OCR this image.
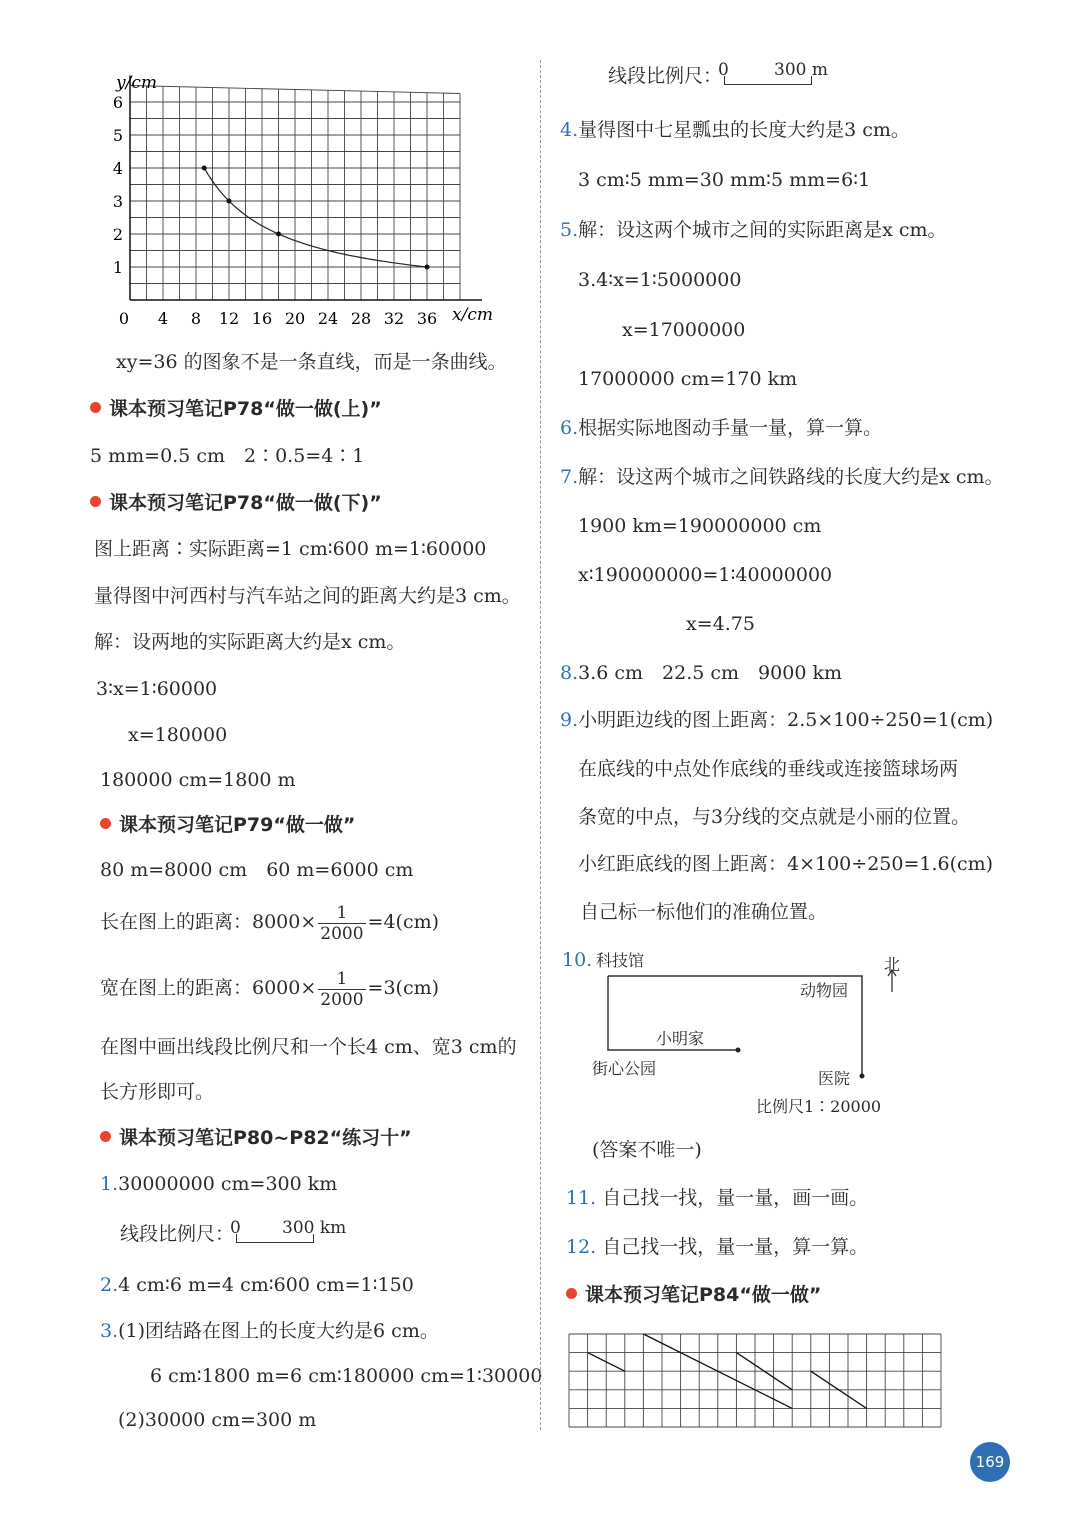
y/cm
x/cm
1
2
3
4
5
6
0 4 8 12 16 20 24 28 32 36
xy=36 的图象不是一条直线，而是一条曲线。
课本预习笔记P78“做一做(上)”
5 mm=0.5 cm　2∶0.5=4∶1
课本预习笔记P78“做一做(下)”
图上距离∶实际距离=1 cm∶600 m=1∶60000
量得图中河西村与汽车站之间的距离大约是3 cm。
解：设两地的实际距离大约是x cm。
3∶x=1∶60000
x=180000
180000 cm=1800 m
课本预习笔记P79“做一做”
80 m=8000 cm　60 m=6000 cm
长在图上的距离：$8000\times \frac{1}{2000} =4(cm)$
宽在图上的距离：$6000\times \frac{1}{2000} =3(cm)$
在图中画出线段比例尺和一个长4 cm、宽3 cm的
长方形即可。
课本预习笔记P80~P82“练习十”
1.30000000 cm=300 km
线段比例尺：
0 300 km
2.4 cm∶6 m=4 cm∶600 cm=1∶150
3.(1)团结路在图上的长度大约是6 cm。
6 cm∶1800 m=6 cm∶180000 cm=1∶30000
(2)30000 cm=300 m
线段比例尺：
0	300 m
4.量得图中七星瓢虫的长度大约是3 cm。
3 cm∶5 mm=30 mm∶5 mm=6∶1
5.解：设这两个城市之间的实际距离是x cm。
3.4∶x=1∶5000000
x=17000000
17000000 cm=170 km
6.根据实际地图动手量一量，算一算。
7.解：设这两个城市之间铁路线的长度大约是x cm。
1900 km=190000000 cm
x∶190000000=1∶40000000
x=4.75
8.3.6 cm　22.5 cm　9000 km
9.小明距边线的图上距离：2.5×100÷250=1(cm)
在底线的中点处作底线的垂线或连接篮球场两
条宽的中点，与3分线的交点就是小丽的位置。
小红距底线的图上距离：4×100÷250=1.6(cm)
自己标一标他们的准确位置。
10. 科技馆	北
动物园
小明家
街心公园
医院
比例尺1∶20000
(答案不唯一)
11. 自己找一找，量一量，画一画。
12. 自己找一找，量一量，算一算。
课本预习笔记P84“做一做”
169
